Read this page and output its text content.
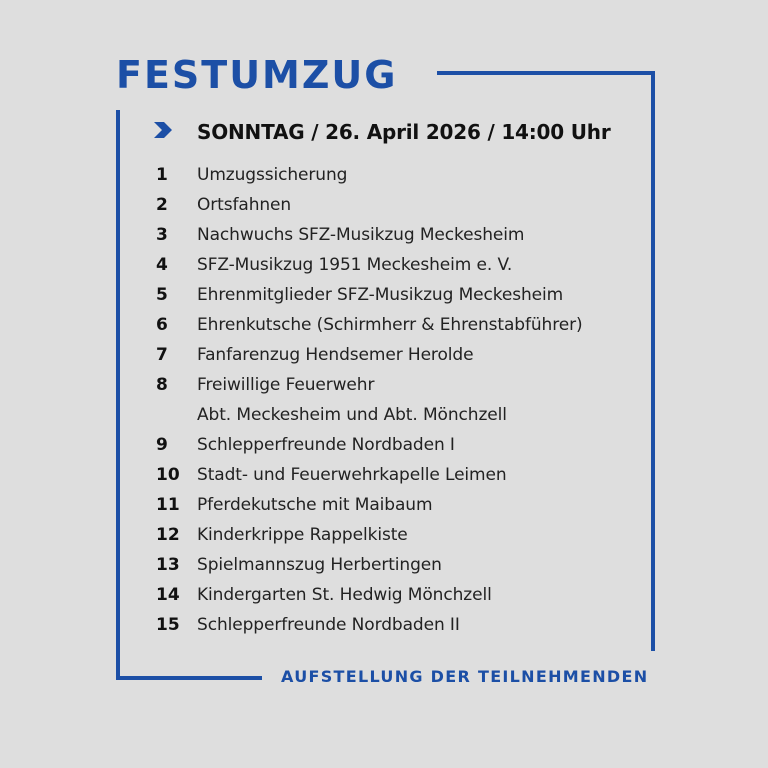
FESTUMZUG
SONNTAG / 26. April 2026 / 14:00 Uhr
1	Umzugssicherung
2	Ortsfahnen
3	Nachwuchs SFZ-Musikzug Meckesheim
4	SFZ-Musikzug 1951 Meckesheim e. V.
5	Ehrenmitglieder SFZ-Musikzug Meckesheim
6	Ehrenkutsche (Schirmherr & Ehrenstabführer)
7	Fanfarenzug Hendsemer Herolde
8	Freiwillige Feuerwehr
Abt. Meckesheim und Abt. Mönchzell
9	Schlepperfreunde Nordbaden I
10	Stadt- und Feuerwehrkapelle Leimen
11	Pferdekutsche mit Maibaum
12	Kinderkrippe Rappelkiste
13	Spielmannszug Herbertingen
14	Kindergarten St. Hedwig Mönchzell
15	Schlepperfreunde Nordbaden II
AUFSTELLUNG DER TEILNEHMENDEN
